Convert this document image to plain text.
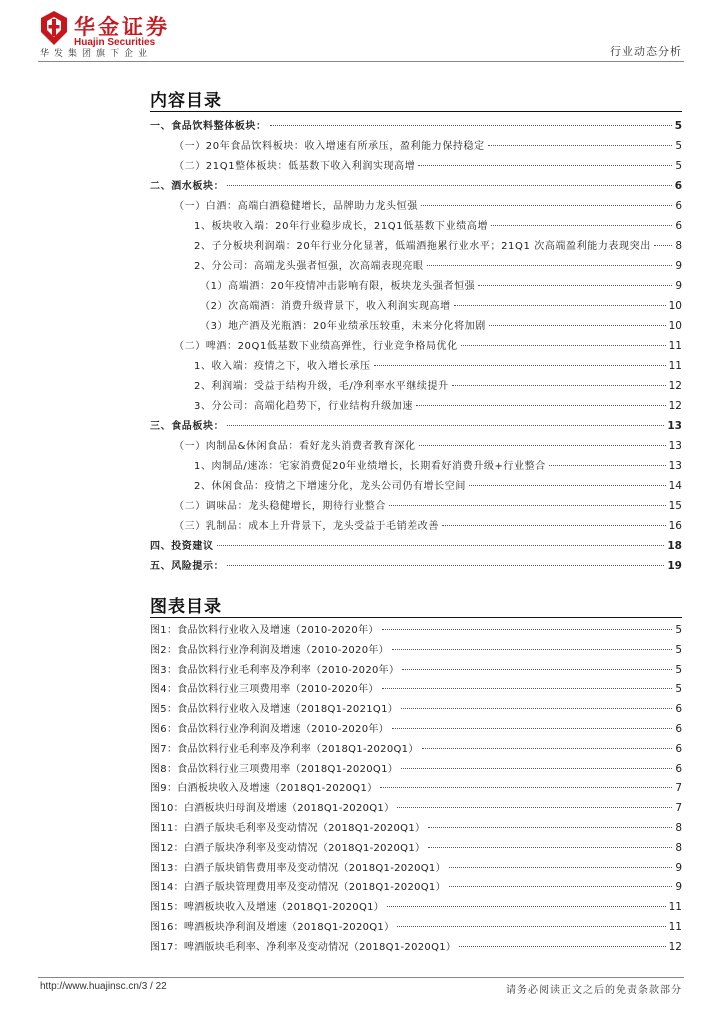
华金证券
Huajin Securities
华发集团旗下企业	行业动态分析
内容目录
一、食品饮料整体板块：	5
（一）20年食品饮料板块：收入增速有所承压，盈利能力保持稳定	5
（二）21Q1整体板块：低基数下收入利润实现高增	5
二、酒水板块：	6
（一）白酒：高端白酒稳健增长，品牌助力龙头恒强	6
1、板块收入端：20年行业稳步成长，21Q1低基数下业绩高增	6
2、子分板块利润端：20年行业分化显著，低端酒拖累行业水平；21Q1 次高端盈利能力表现突出 8
2、分公司：高端龙头强者恒强，次高端表现亮眼	9
（1）高端酒：20年疫情冲击影响有限，板块龙头强者恒强	9
（2）次高端酒：消费升级背景下，收入利润实现高增	10
（3）地产酒及光瓶酒：20年业绩承压较重，未来分化将加剧	10
（二）啤酒：20Q1低基数下业绩高弹性，行业竞争格局优化	11
1、收入端：疫情之下，收入增长承压	11
2、利润端：受益于结构升级，毛/净利率水平继续提升	12
3、分公司：高端化趋势下，行业结构升级加速	12
三、食品板块：	13
（一）肉制品&休闲食品：看好龙头消费者教育深化	13
1、肉制品/速冻：宅家消费促20年业绩增长，长期看好消费升级+行业整合	13
2、休闲食品：疫情之下增速分化，龙头公司仍有增长空间	14
（二）调味品：龙头稳健增长，期待行业整合	15
（三）乳制品：成本上升背景下，龙头受益于毛销差改善	16
四、投资建议	18
五、风险提示：	19
图表目录
图1：食品饮料行业收入及增速（2010-2020年）	5
图2：食品饮料行业净利润及增速（2010-2020年）	5
图3：食品饮料行业毛利率及净利率（2010-2020年）	5
图4：食品饮料行业三项费用率（2010-2020年）	5
图5：食品饮料行业收入及增速（2018Q1-2021Q1）	6
图6：食品饮料行业净利润及增速（2010-2020年）	6
图7：食品饮料行业毛利率及净利率（2018Q1-2020Q1）	6
图8：食品饮料行业三项费用率（2018Q1-2020Q1）	6
图9：白酒板块收入及增速（2018Q1-2020Q1）	7
图10：白酒板块归母润及增速（2018Q1-2020Q1）	7
图11：白酒子版块毛利率及变动情况（2018Q1-2020Q1）	8
图12：白酒子版块净利率及变动情况（2018Q1-2020Q1）	8
图13：白酒子版块销售费用率及变动情况（2018Q1-2020Q1）	9
图14：白酒子版块管理费用率及变动情况（2018Q1-2020Q1）	9
图15：啤酒板块收入及增速（2018Q1-2020Q1）	11
图16：啤酒板块净利润及增速（2018Q1-2020Q1）	11
图17：啤酒版块毛利率、净利率及变动情况（2018Q1-2020Q1）	12
http://www.huajinsc.cn/3 / 22	请务必阅读正文之后的免责条款部分
